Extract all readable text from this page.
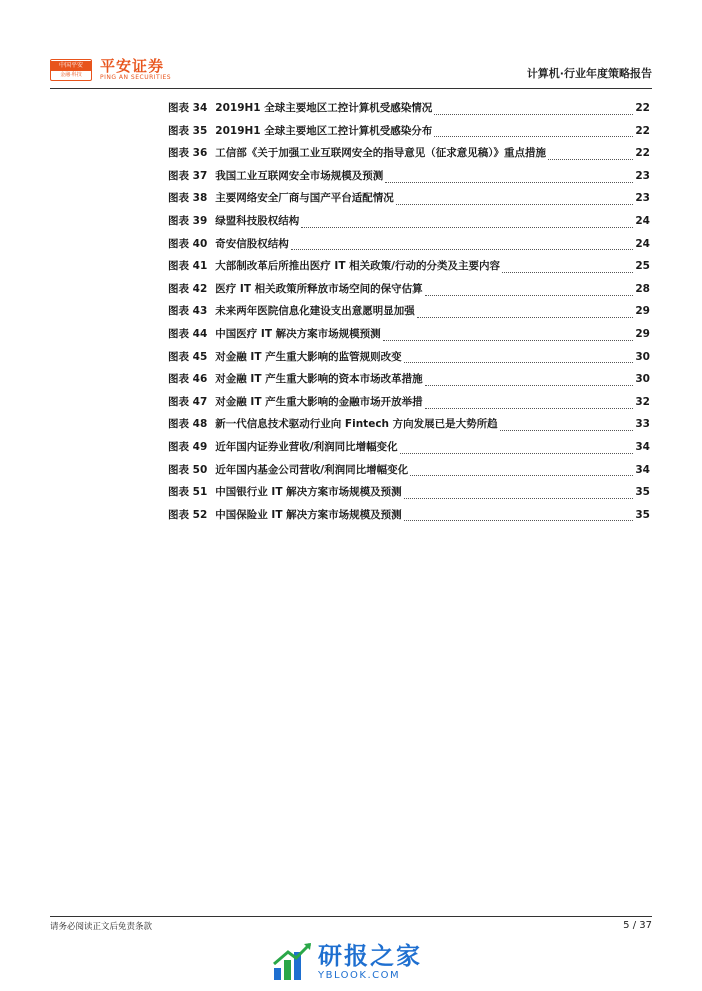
中国平安
金融·科技 平安证券
PING AN SECURITIES	计算机·行业年度策略报告
图表 34 2019H1 全球主要地区工控计算机受感染情况	22
图表 35 2019H1 全球主要地区工控计算机受感染分布	22
图表 36 工信部《关于加强工业互联网安全的指导意见（征求意见稿）》重点措施	22
图表 37 我国工业互联网安全市场规模及预测	23
图表 38 主要网络安全厂商与国产平台适配情况	23
图表 39 绿盟科技股权结构	24
图表 40 奇安信股权结构	24
图表 41 大部制改革后所推出医疗 IT 相关政策/行动的分类及主要内容	25
图表 42 医疗 IT 相关政策所释放市场空间的保守估算	28
图表 43 未来两年医院信息化建设支出意愿明显加强	29
图表 44 中国医疗 IT 解决方案市场规模预测	29
图表 45 对金融 IT 产生重大影响的监管规则改变	30
图表 46 对金融 IT 产生重大影响的资本市场改革措施	30
图表 47 对金融 IT 产生重大影响的金融市场开放举措	32
图表 48 新一代信息技术驱动行业向 Fintech 方向发展已是大势所趋	33
图表 49 近年国内证券业营收/利润同比增幅变化	34
图表 50 近年国内基金公司营收/利润同比增幅变化	34
图表 51 中国银行业 IT 解决方案市场规模及预测	35
图表 52 中国保险业 IT 解决方案市场规模及预测	35
请务必阅读正文后免责条款	5 / 37
研报之家
YBLOOK.COM
